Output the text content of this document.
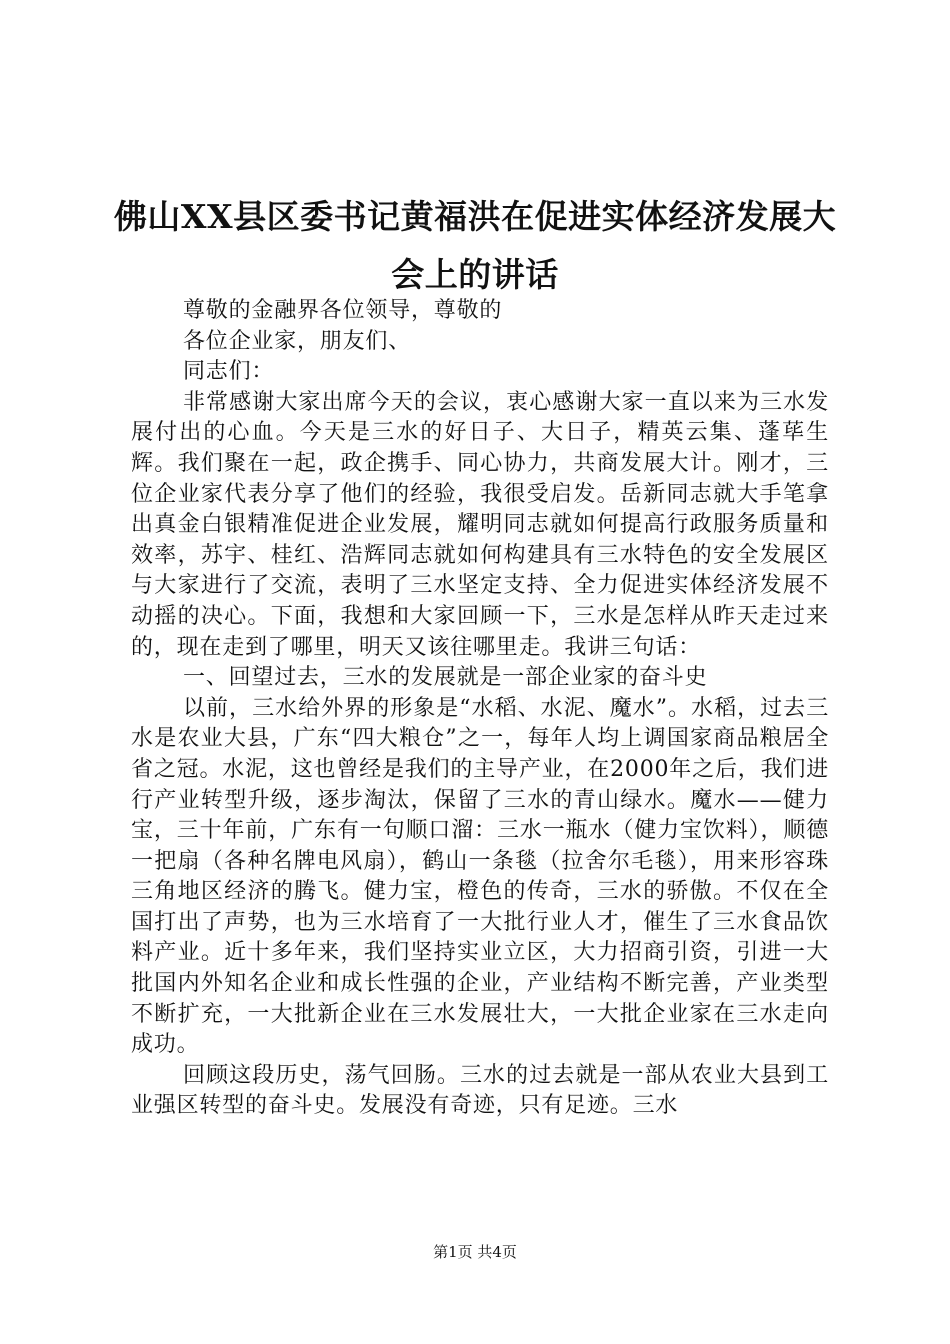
佛山XX县区委书记黄福洪在促进实体经济发展大会上的讲话

尊敬的金融界各位领导，尊敬的

各位企业家，朋友们、

同志们：

非常感谢大家出席今天的会议，衷心感谢大家一直以来为三水发展付出的心血。今天是三水的好日子、大日子，精英云集、蓬荜生辉。我们聚在一起，政企携手、同心协力，共商发展大计。刚才，三位企业家代表分享了他们的经验，我很受启发。岳新同志就大手笔拿出真金白银精准促进企业发展，耀明同志就如何提高行政服务质量和效率，苏宇、桂红、浩辉同志就如何构建具有三水特色的安全发展区与大家进行了交流，表明了三水坚定支持、全力促进实体经济发展不动摇的决心。下面，我想和大家回顾一下，三水是怎样从昨天走过来的，现在走到了哪里，明天又该往哪里走。我讲三句话：

一、回望过去，三水的发展就是一部企业家的奋斗史

以前，三水给外界的形象是“水稻、水泥、魔水”。水稻，过去三水是农业大县，广东“四大粮仓”之一，每年人均上调国家商品粮居全省之冠。水泥，这也曾经是我们的主导产业，在2000年之后，我们进行产业转型升级，逐步淘汰，保留了三水的青山绿水。魔水——健力宝，三十年前，广东有一句顺口溜：三水一瓶水（健力宝饮料），顺德一把扇（各种名牌电风扇），鹤山一条毯（拉舍尔毛毯），用来形容珠三角地区经济的腾飞。健力宝，橙色的传奇，三水的骄傲。不仅在全国打出了声势，也为三水培育了一大批行业人才，催生了三水食品饮料产业。近十多年来，我们坚持实业立区，大力招商引资，引进一大批国内外知名企业和成长性强的企业，产业结构不断完善，产业类型不断扩充，一大批新企业在三水发展壮大，一大批企业家在三水走向成功。

回顾这段历史，荡气回肠。三水的过去就是一部从农业大县到工业强区转型的奋斗史。发展没有奇迹，只有足迹。三水

第1页 共4页
